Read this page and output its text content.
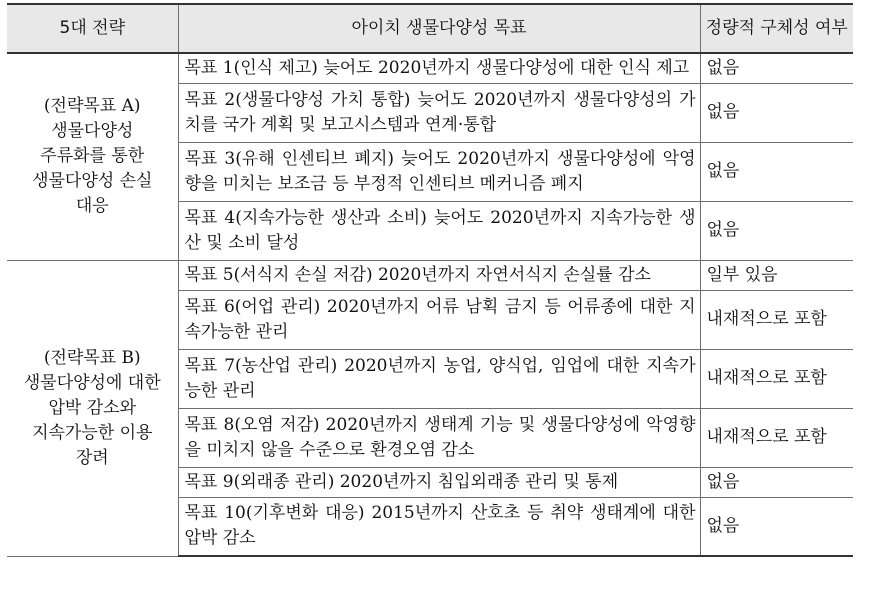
5대 전략	아이치 생물다양성 목표	정량적 구체성 여부

(전략목표 A)
생물다양성
주류화를 통한
생물다양성 손실
대응	목표 1(인식 제고) 늦어도 2020년까지 생물다양성에 대한 인식 제고	없음
	목표 2(생물다양성 가치 통합) 늦어도 2020년까지 생물다양성의 가치를 국가 계획 및 보고시스템과 연계·통합	없음
	목표 3(유해 인센티브 폐지) 늦어도 2020년까지 생물다양성에 악영향을 미치는 보조금 등 부정적 인센티브 메커니즘 폐지	없음
	목표 4(지속가능한 생산과 소비) 늦어도 2020년까지 지속가능한 생산 및 소비 달성	없음

(전략목표 B)
생물다양성에 대한
압박 감소와
지속가능한 이용
장려	목표 5(서식지 손실 저감) 2020년까지 자연서식지 손실률 감소	일부 있음
	목표 6(어업 관리) 2020년까지 어류 남획 금지 등 어류종에 대한 지속가능한 관리	내재적으로 포함
	목표 7(농산업 관리) 2020년까지 농업, 양식업, 임업에 대한 지속가능한 관리	내재적으로 포함
	목표 8(오염 저감) 2020년까지 생태계 기능 및 생물다양성에 악영향을 미치지 않을 수준으로 환경오염 감소	내재적으로 포함
	목표 9(외래종 관리) 2020년까지 침입외래종 관리 및 통제	없음
	목표 10(기후변화 대응) 2015년까지 산호초 등 취약 생태계에 대한 압박 감소	없음
